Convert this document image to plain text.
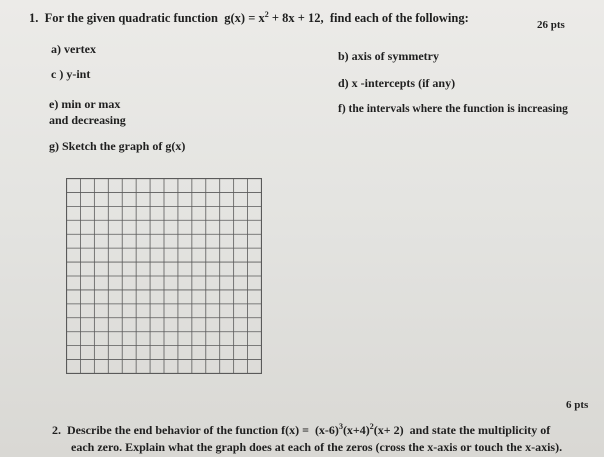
1. For the given quadratic function $g(x) = x^2 + 8x + 12$, find each of the following:	26 pts
a) vertex	b) axis of symmetry
c ) y-int
d) x -intercepts (if any)
e) min or max
and decreasing
f) the intervals where the function is increasing
g) Sketch the graph of g(x)
6 pts
2. Describe the end behavior of the function $f(x) = (x-6)^3(x+4)^2(x+ 2)$ and state the multiplicity of
each zero. Explain what the graph does at each of the zeros (cross the x-axis or touch the x-axis).
